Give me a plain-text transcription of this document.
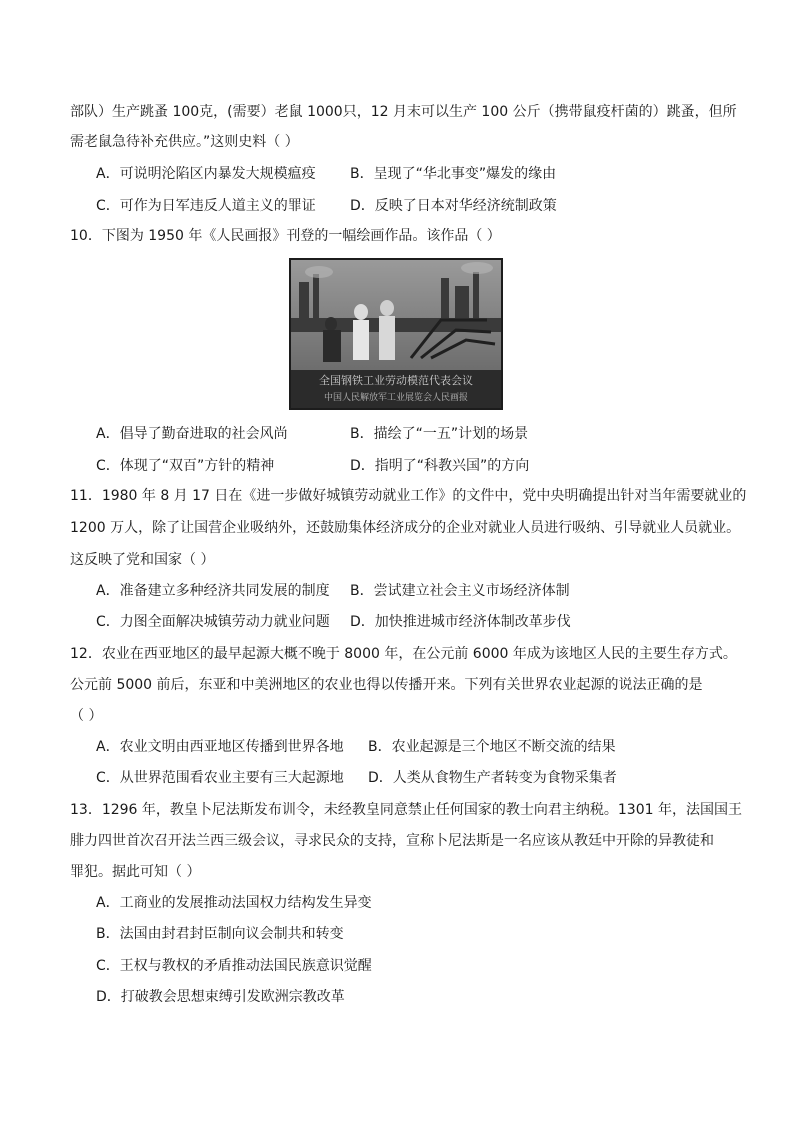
部队）生产跳蚤 100克，(需要）老鼠 1000只，12 月末可以生产 100 公斤（携带鼠疫杆菌的）跳蚤，但所
需老鼠急待补充供应。”这则史料（ ）
A．可说明沦陷区内暴发大规模瘟疫 B．呈现了“华北事变”爆发的缘由
C．可作为日军违反人道主义的罪证 D．反映了日本对华经济统制政策
10．下图为 1950 年《人民画报》刊登的一幅绘画作品。该作品（ ）
全国钢铁工业劳动模范代表会议
中国人民解放军工业展览会人民画报
A．倡导了勤奋进取的社会风尚	B．描绘了“一五”计划的场景
C．体现了“双百”方针的精神	D．指明了“科教兴国”的方向
11．1980 年 8 月 17 日在《进一步做好城镇劳动就业工作》的文件中，党中央明确提出针对当年需要就业的
1200 万人，除了让国营企业吸纳外，还鼓励集体经济成分的企业对就业人员进行吸纳、引导就业人员就业。
这反映了党和国家（ ）
A．准备建立多种经济共同发展的制度 B．尝试建立社会主义市场经济体制
C．力图全面解决城镇劳动力就业问题 D．加快推进城市经济体制改革步伐
12．农业在西亚地区的最早起源大概不晚于 8000 年，在公元前 6000 年成为该地区人民的主要生存方式。
公元前 5000 前后，东亚和中美洲地区的农业也得以传播开来。下列有关世界农业起源的说法正确的是
（ ）
A．农业文明由西亚地区传播到世界各地 B．农业起源是三个地区不断交流的结果
C．从世界范围看农业主要有三大起源地 D．人类从食物生产者转变为食物采集者
13．1296 年，教皇卜尼法斯发布训令，未经教皇同意禁止任何国家的教士向君主纳税。1301 年，法国国王
腓力四世首次召开法兰西三级会议，寻求民众的支持，宣称卜尼法斯是一名应该从教廷中开除的异教徒和
罪犯。据此可知（ ）
A．工商业的发展推动法国权力结构发生异变
B．法国由封君封臣制向议会制共和转变
C．王权与教权的矛盾推动法国民族意识觉醒
D．打破教会思想束缚引发欧洲宗教改革
